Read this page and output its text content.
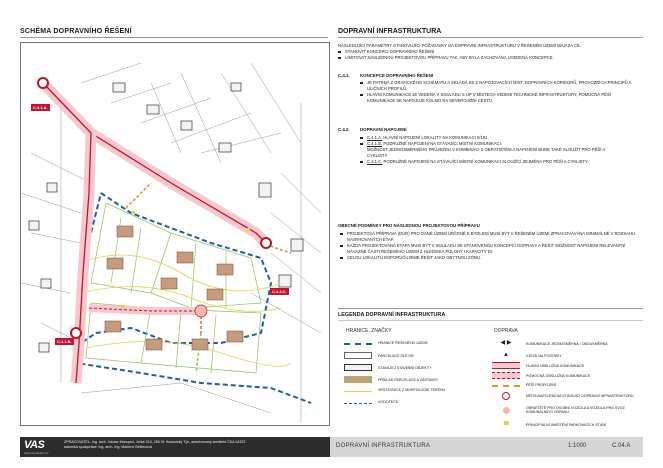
SCHÉMA DOPRAVNÍHO ŘEŠENÍ	DOPRAVNÍ INFRASTRUKTURA
C.4.1.A.
C.4.2.C.
C.4.1.B.

NÁSLEDUJÍCÍ PARAMETRY STANOVUJÍCÍ POŽADAVKY NA DOPRAVNÍ INFRASTRUKTURU V ŘEŠENÉM ÚZEMÍ MAJÍ ZA CÍL:

STANOVIT KONCEPCI DOPRAVNÍHO ŘEŠENÍ

LIMITOVAT NÁSLEDNOU PROJEKTOVOU PŘÍPRAVU TAK, ABY BYLA ZACHOVÁNA UVEDENÁ KONCEPCE.

C.4.1. KONCEPCE DOPRAVNÍHO ŘEŠENÍ

JE PATRNÁ Z GRAFICKÉHO SCHÉMATU A SKLÁDÁ SE Z NAPOJOVACÍCH MÍST, DOPRAVNÍCH KORIDORŮ, PROVOZNÍCH PRINCIPŮ A ULIČNÍCH PROFILŮ.

HLAVNÍ KOMUNIKACE JE VEDENA V SOULADU S ÚP V MÍSTECH VEDENÍ TECHNICKÉ INFRASTRUKTURY, POMOCNÁ PĚŠÍ KOMUNIKACE SE NAPOJUJE KOLMO NA SEVEROJIŽNÍ CESTU.

C.4.2. DOPRAVNÍ NAPOJENÍ

C.4.1.A. HLAVNÍ NAPOJENÍ LOKALITY NA KOMUNIKACI II/191.

C.4.1.B. PODRUŽNÉ NAPOJENÍ NA STÁVAJÍCÍ MÍSTNÍ KOMUNIKACI.

MOŽNOST JEDNOSMĚRNÉHO PRŮJEZDU V KOMBINACI S OBRATIŠTĚM A NAPOJENÍ BUDE TAKÉ SLOUŽIT PRO PĚŠÍ A CYKLISTY.

C.4.1.C. PODRUŽNÉ NAPOJENÍ NA STÁVAJÍCÍ MÍSTNÍ KOMUNIKACI SLOUŽÍCÍ ZEJMÉNA PRO PĚŠÍ A CYKLISTY.

OBECNÉ PODMÍNKY PRO NÁSLEDNOU PROJEKTOVOU PŘÍPRAVU

PROJEKTOVÁ PŘÍPRAVA (DÚR) PRO DANÉ ÚZEMÍ URČENÉ K BYDLENÍ MUSÍ BÝT V ŘEŠENÉM ÚZEMÍ ZPRACOVÁVÁNA MINIMÁLNĚ V ROZSAHU NAVRHOVANÝCH ETAP.

KAŽDÁ PROJEKTOVANÁ ETAPA MUSÍ BÝT V SOULADU SE STANOVENOU KONCEPCÍ DOPRAVY A ŘEŠIT MOŽNOST NAPOJENÍ RELEVANTNÍ NÁVAZNÉ ČÁSTI ŘEŠENÉHO ÚZEMÍ Z HLEDISKA POLOHY I KAPACITY DI.

CELOU LOKALITU DOPORUČUJEME ŘEŠIT JAKO OBYTNOU ZÓNU.

LEGENDA DOPRAVNÍ INFRASTRUKTURA
HRANICE, ZNAČKY	DOPRAVA
HRANICE ŘEŠENÉHO ÚZEMÍ
PARCELACE DLE KN
STÁVAJÍCÍ STAVEBNÍ OBJEKTY
PŘÍKLAD PARCELACE A ZÁSTAVBY
VRSTEVNICE Z MORFOLOGIE TERÉNU
VODOTEČE
◀ ▶	KOMUNIKACE JEDNOSMĚRNÁ / OBOUSMĚRNÁ
▲	VJEZD NA POZEMKY
HLAVNÍ OBSLUŽNÁ KOMUNIKACE
POMOCNÁ OBSLUŽNÁ KOMUNIKACE
PĚŠÍ PROPOJENÍ
MÍSTA NAPOJENÍ NA STÁVAJÍCÍ DOPRAVNÍ INFRASTRUKTURU
OBRATIŠTĚ PRO OSOBNÍ VOZIDLA A VOZIDLA PRO SVOZ KOMUNÁLNÍHO ODPADU
PRINCIPIÁLNÍ UMÍSTĚNÍ PARKOVACÍCH STÁNÍ
VAS
www.vas-ateliers.cz
ZPRACOVATEL: Ing. arch. Václav Manuprd, Jeřáb 316, 266 01 Hodoviský Týn, autorizovaný architekt ČKA 04323
autorská spolupráce: Ing. arch. Ing. Marlene Bělčecová	DOPRAVNÍ INFRASTRUKTURA	1:1000	C.04.A
